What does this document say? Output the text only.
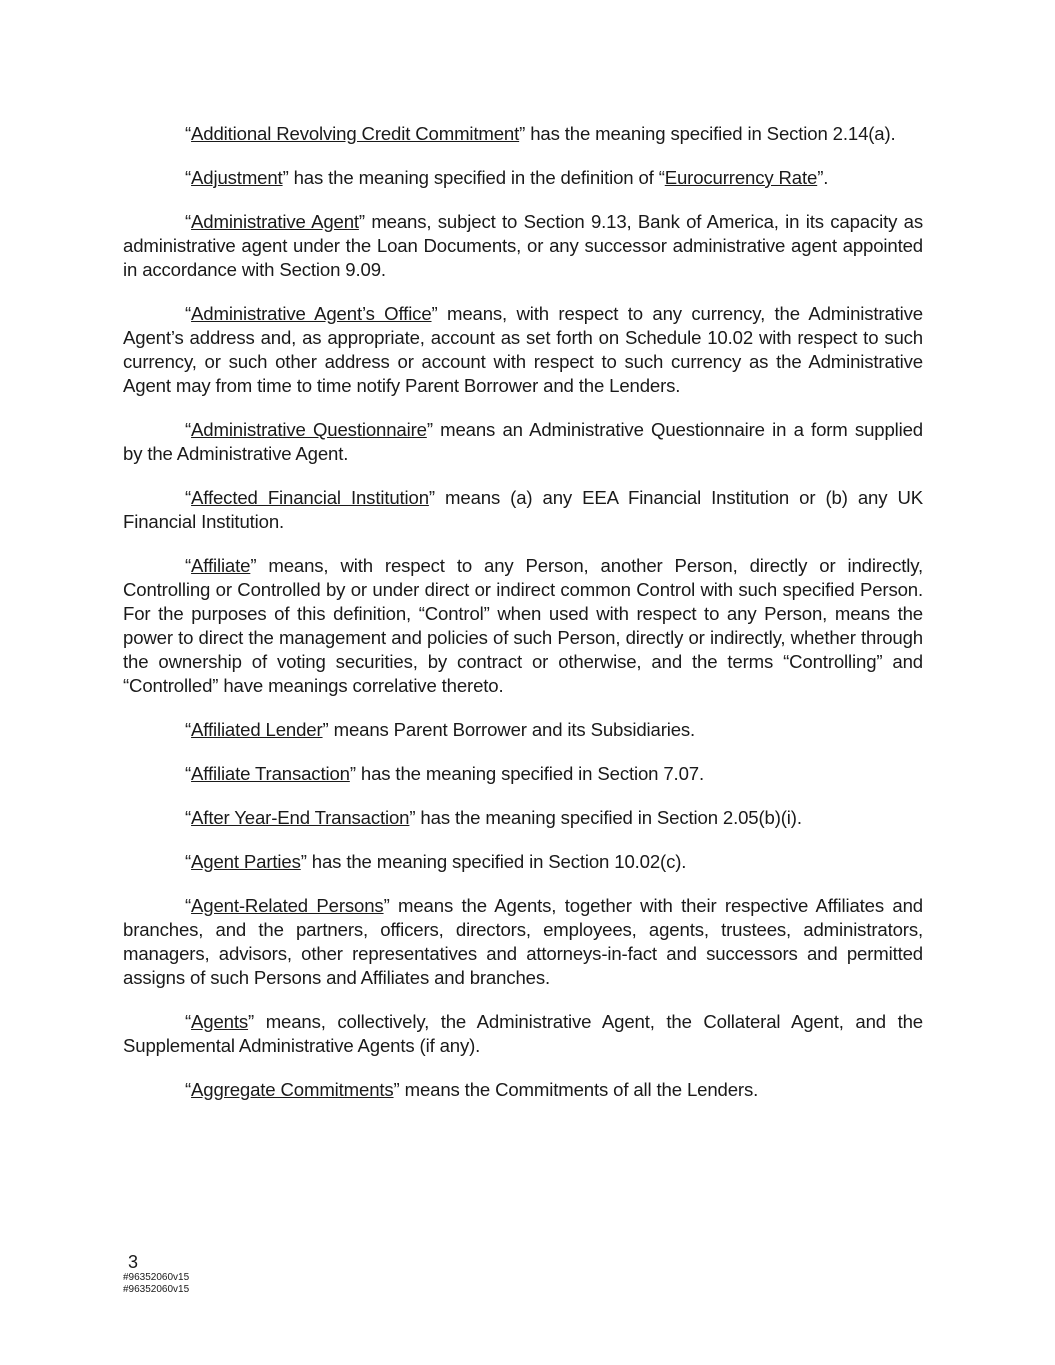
“Additional Revolving Credit Commitment” has the meaning specified in Section 2.14(a).

“Adjustment” has the meaning specified in the definition of “Eurocurrency Rate”.

“Administrative Agent” means, subject to Section 9.13, Bank of America, in its capacity as administrative agent under the Loan Documents, or any successor administrative agent appointed in accordance with Section 9.09.

“Administrative Agent’s Office” means, with respect to any currency, the Administrative Agent’s address and, as appropriate, account as set forth on Schedule 10.02 with respect to such currency, or such other address or account with respect to such currency as the Administrative Agent may from time to time notify Parent Borrower and the Lenders.

“Administrative Questionnaire” means an Administrative Questionnaire in a form supplied by the Administrative Agent.

“Affected Financial Institution” means (a) any EEA Financial Institution or (b) any UK Financial Institution.

“Affiliate” means, with respect to any Person, another Person, directly or indirectly, Controlling or Controlled by or under direct or indirect common Control with such specified Person. For the purposes of this definition, “Control” when used with respect to any Person, means the power to direct the management and policies of such Person, directly or indirectly, whether through the ownership of voting securities, by contract or otherwise, and the terms “Controlling” and “Controlled” have meanings correlative thereto.

“Affiliated Lender” means Parent Borrower and its Subsidiaries.

“Affiliate Transaction” has the meaning specified in Section 7.07.

“After Year-End Transaction” has the meaning specified in Section 2.05(b)(i).

“Agent Parties” has the meaning specified in Section 10.02(c).

“Agent-Related Persons” means the Agents, together with their respective Affiliates and branches, and the partners, officers, directors, employees, agents, trustees, administrators, managers, advisors, other representatives and attorneys-in-fact and successors and permitted assigns of such Persons and Affiliates and branches.

“Agents” means, collectively, the Administrative Agent, the Collateral Agent, and the Supplemental Administrative Agents (if any).

“Aggregate Commitments” means the Commitments of all the Lenders.

3
#96352060v15
#96352060v15
